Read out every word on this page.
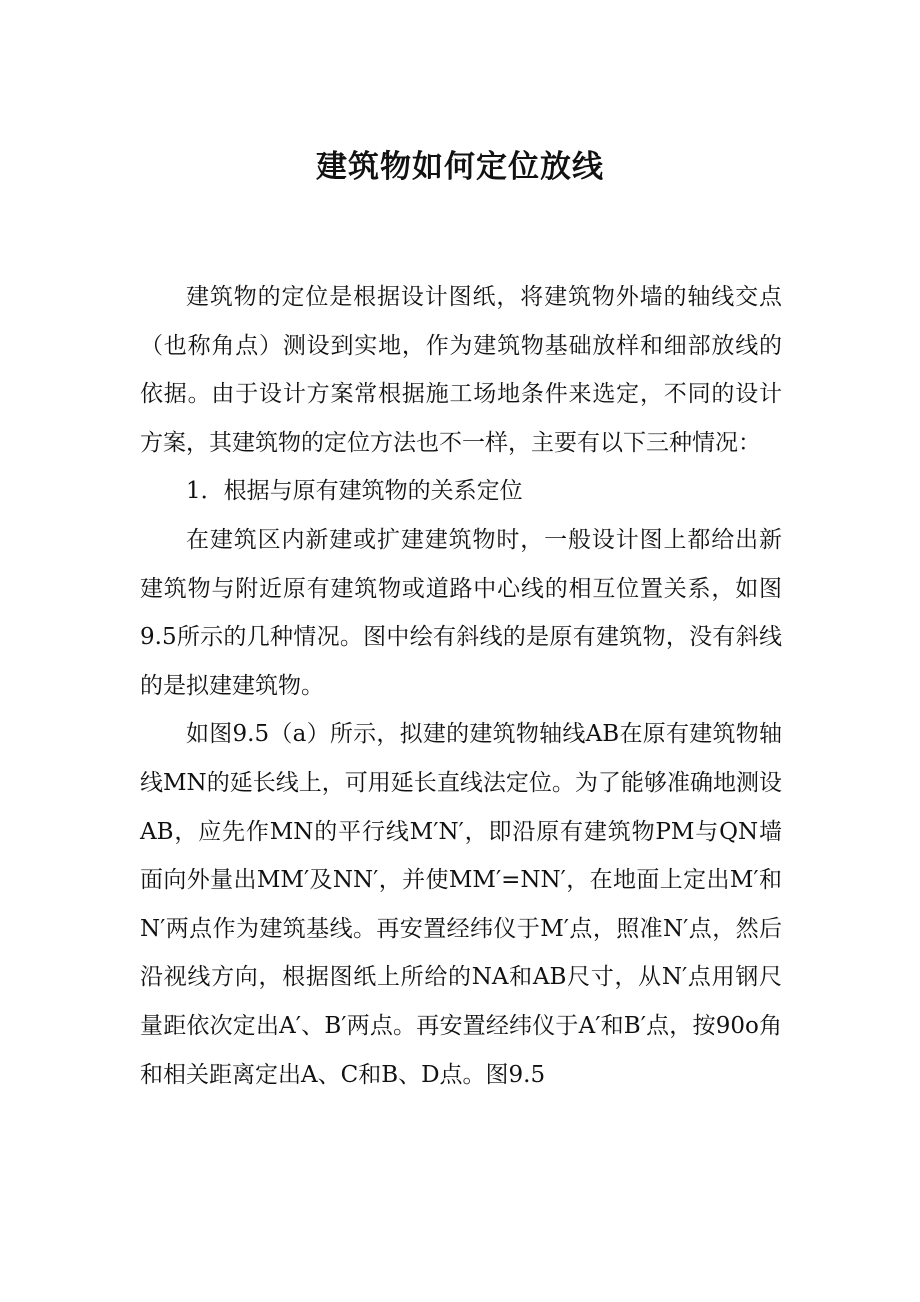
建筑物如何定位放线

建筑物的定位是根据设计图纸，将建筑物外墙的轴线交点（也称角点）测设到实地，作为建筑物基础放样和细部放线的依据。由于设计方案常根据施工场地条件来选定，不同的设计方案，其建筑物的定位方法也不一样，主要有以下三种情况：

1．根据与原有建筑物的关系定位

在建筑区内新建或扩建建筑物时，一般设计图上都给出新建筑物与附近原有建筑物或道路中心线的相互位置关系，如图9.5所示的几种情况。图中绘有斜线的是原有建筑物，没有斜线的是拟建建筑物。

如图9.5（a）所示，拟建的建筑物轴线AB在原有建筑物轴线MN的延长线上，可用延长直线法定位。为了能够准确地测设AB，应先作MN的平行线M′N′，即沿原有建筑物PM与QN墙面向外量出MM′及NN′，并使MM′=NN′，在地面上定出M′和N′两点作为建筑基线。再安置经纬仪于M′点，照准N′点，然后沿视线方向，根据图纸上所给的NA和AB尺寸，从N′点用钢尺量距依次定出A′、B′两点。再安置经纬仪于A′和B′点，按90o角和相关距离定出A、C和B、D点。图9.5
